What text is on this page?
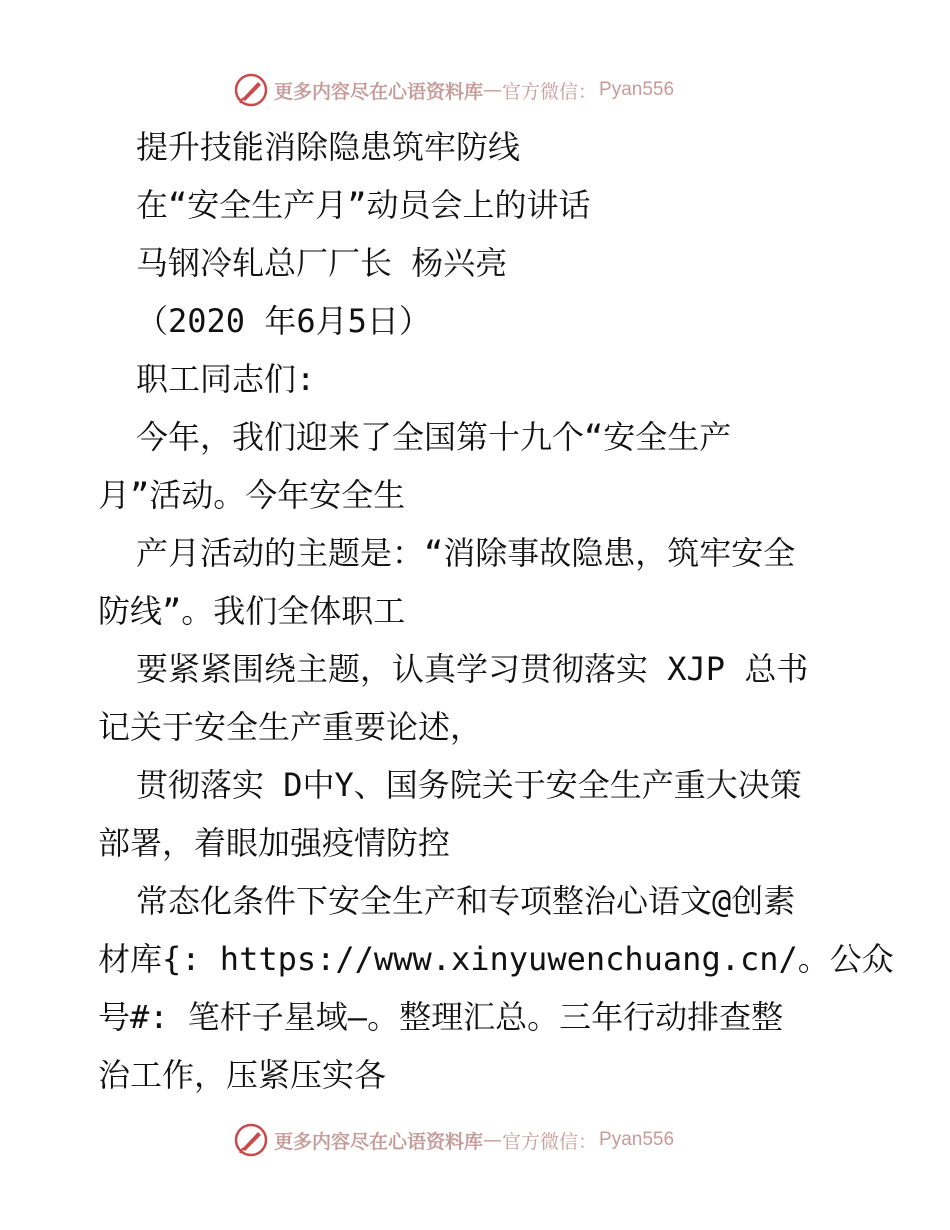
更多内容尽在心语资料库 — 官方微信： Pyan556
提升技能消除隐患筑牢防线
在“安全生产月”动员会上的讲话
马钢冷轧总厂厂长 杨兴亮
（2020 年6月5日）
职工同志们:
今年，我们迎来了全国第十九个“安全生产
月”活动。今年安全生
产月活动的主题是：“消除事故隐患，筑牢安全
防线”。我们全体职工
要紧紧围绕主题，认真学习贯彻落实 XJP 总书
记关于安全生产重要论述，
贯彻落实 D中Y、国务院关于安全生产重大决策
部署，着眼加强疫情防控
常态化条件下安全生产和专项整治心语文@创素
材库{: https://www.xinyuwenchuang.cn/。公众
号#: 笔杆子星域—。整理汇总。三年行动排查整
治工作，压紧压实各
更多内容尽在心语资料库 — 官方微信： Pyan556
